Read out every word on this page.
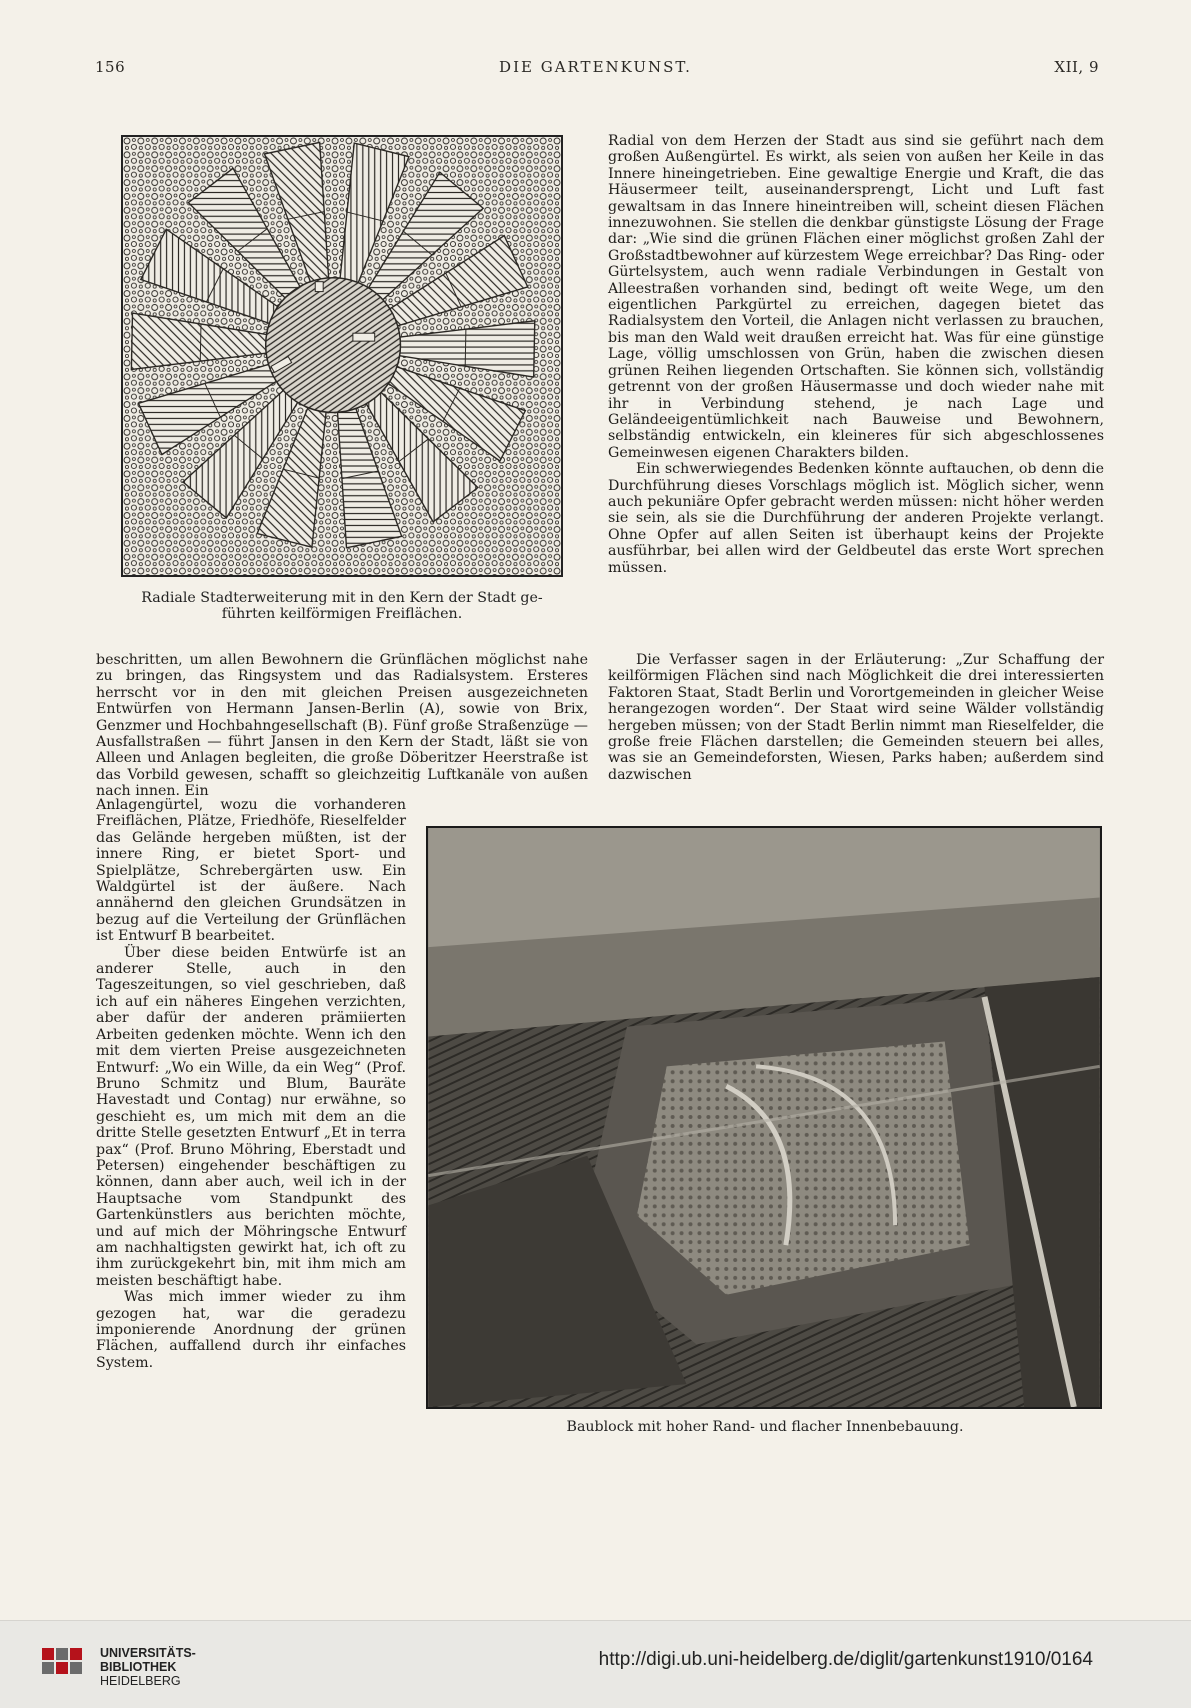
156	DIE GARTENKUNST.	XII, 9
Radiale Stadterweiterung mit in den Kern der Stadt ge-
führten keilförmigen Freiflächen.

Radial von dem Herzen der Stadt aus sind sie geführt nach dem großen Außengürtel. Es wirkt, als seien von außen her Keile in das Innere hineingetrieben. Eine gewaltige Energie und Kraft, die das Häusermeer teilt, auseinandersprengt, Licht und Luft fast gewaltsam in das Innere hineintreiben will, scheint diesen Flächen innezuwohnen. Sie stellen die denkbar günstigste Lösung der Frage dar: „Wie sind die grünen Flächen einer möglichst großen Zahl der Großstadtbewohner auf kürzestem Wege erreichbar? Das Ring- oder Gürtelsystem, auch wenn radiale Verbindungen in Gestalt von Alleestraßen vorhanden sind, bedingt oft weite Wege, um den eigentlichen Parkgürtel zu erreichen, dagegen bietet das Radialsystem den Vorteil, die Anlagen nicht verlassen zu brauchen, bis man den Wald weit draußen erreicht hat. Was für eine günstige Lage, völlig umschlossen von Grün, haben die zwischen diesen grünen Reihen liegenden Ortschaften. Sie können sich, vollständig getrennt von der großen Häusermasse und doch wieder nahe mit ihr in Verbindung stehend, je nach Lage und Geländeeigentümlichkeit nach Bauweise und Bewohnern, selbständig entwickeln, ein kleineres für sich abgeschlossenes Gemeinwesen eigenen Charakters bilden.

Ein schwerwiegendes Bedenken könnte auftauchen, ob denn die Durchführung dieses Vorschlags möglich ist. Möglich sicher, wenn auch pekuniäre Opfer gebracht werden müssen: nicht höher werden sie sein, als sie die Durchführung der anderen Projekte verlangt. Ohne Opfer auf allen Seiten ist überhaupt keins der Projekte ausführbar, bei allen wird der Geldbeutel das erste Wort sprechen müssen.

beschritten, um allen Bewohnern die Grünflächen möglichst nahe zu bringen, das Ringsystem und das Radialsystem. Ersteres herrscht vor in den mit gleichen Preisen ausgezeichneten Entwürfen von Hermann Jansen-Berlin (A), sowie von Brix, Genzmer und Hochbahngesellschaft (B). Fünf große Straßenzüge — Ausfallstraßen — führt Jansen in den Kern der Stadt, läßt sie von Alleen und Anlagen begleiten, die große Döberitzer Heerstraße ist das Vorbild gewesen, schafft so gleichzeitig Luftkanäle von außen nach innen. Ein

Die Verfasser sagen in der Erläuterung: „Zur Schaffung der keilförmigen Flächen sind nach Möglichkeit die drei interessierten Faktoren Staat, Stadt Berlin und Vorortgemeinden in gleicher Weise herangezogen worden“. Der Staat wird seine Wälder vollständig hergeben müssen; von der Stadt Berlin nimmt man Rieselfelder, die große freie Flächen darstellen; die Gemeinden steuern bei alles, was sie an Gemeindeforsten, Wiesen, Parks haben; außerdem sind dazwischen

Anlagengürtel, wozu die vorhanderen Freiflächen, Plätze, Friedhöfe, Rieselfelder das Gelände hergeben müßten, ist der innere Ring, er bietet Sport- und Spielplätze, Schrebergärten usw. Ein Waldgürtel ist der äußere. Nach annähernd den gleichen Grundsätzen in bezug auf die Verteilung der Grünflächen ist Entwurf B bearbeitet.

Über diese beiden Entwürfe ist an anderer Stelle, auch in den Tageszeitungen, so viel geschrieben, daß ich auf ein näheres Eingehen verzichten, aber dafür der anderen prämiierten Arbeiten gedenken möchte. Wenn ich den mit dem vierten Preise ausgezeichneten Entwurf: „Wo ein Wille, da ein Weg“ (Prof. Bruno Schmitz und Blum, Bauräte Havestadt und Contag) nur erwähne, so geschieht es, um mich mit dem an die dritte Stelle gesetzten Entwurf „Et in terra pax“ (Prof. Bruno Möhring, Eberstadt und Petersen) eingehender beschäftigen zu können, dann aber auch, weil ich in der Hauptsache vom Standpunkt des Gartenkünstlers aus berichten möchte, und auf mich der Möhringsche Entwurf am nachhaltigsten gewirkt hat, ich oft zu ihm zurückgekehrt bin, mit ihm mich am meisten beschäftigt habe.

Was mich immer wieder zu ihm gezogen hat, war die geradezu imponierende Anordnung der grünen Flächen, auffallend durch ihr einfaches System.

Baublock mit hoher Rand- und flacher Innenbebauung.
UNIVERSITÄTS-
BIBLIOTHEK
HEIDELBERG
http://digi.ub.uni-heidelberg.de/diglit/gartenkunst1910/0164
